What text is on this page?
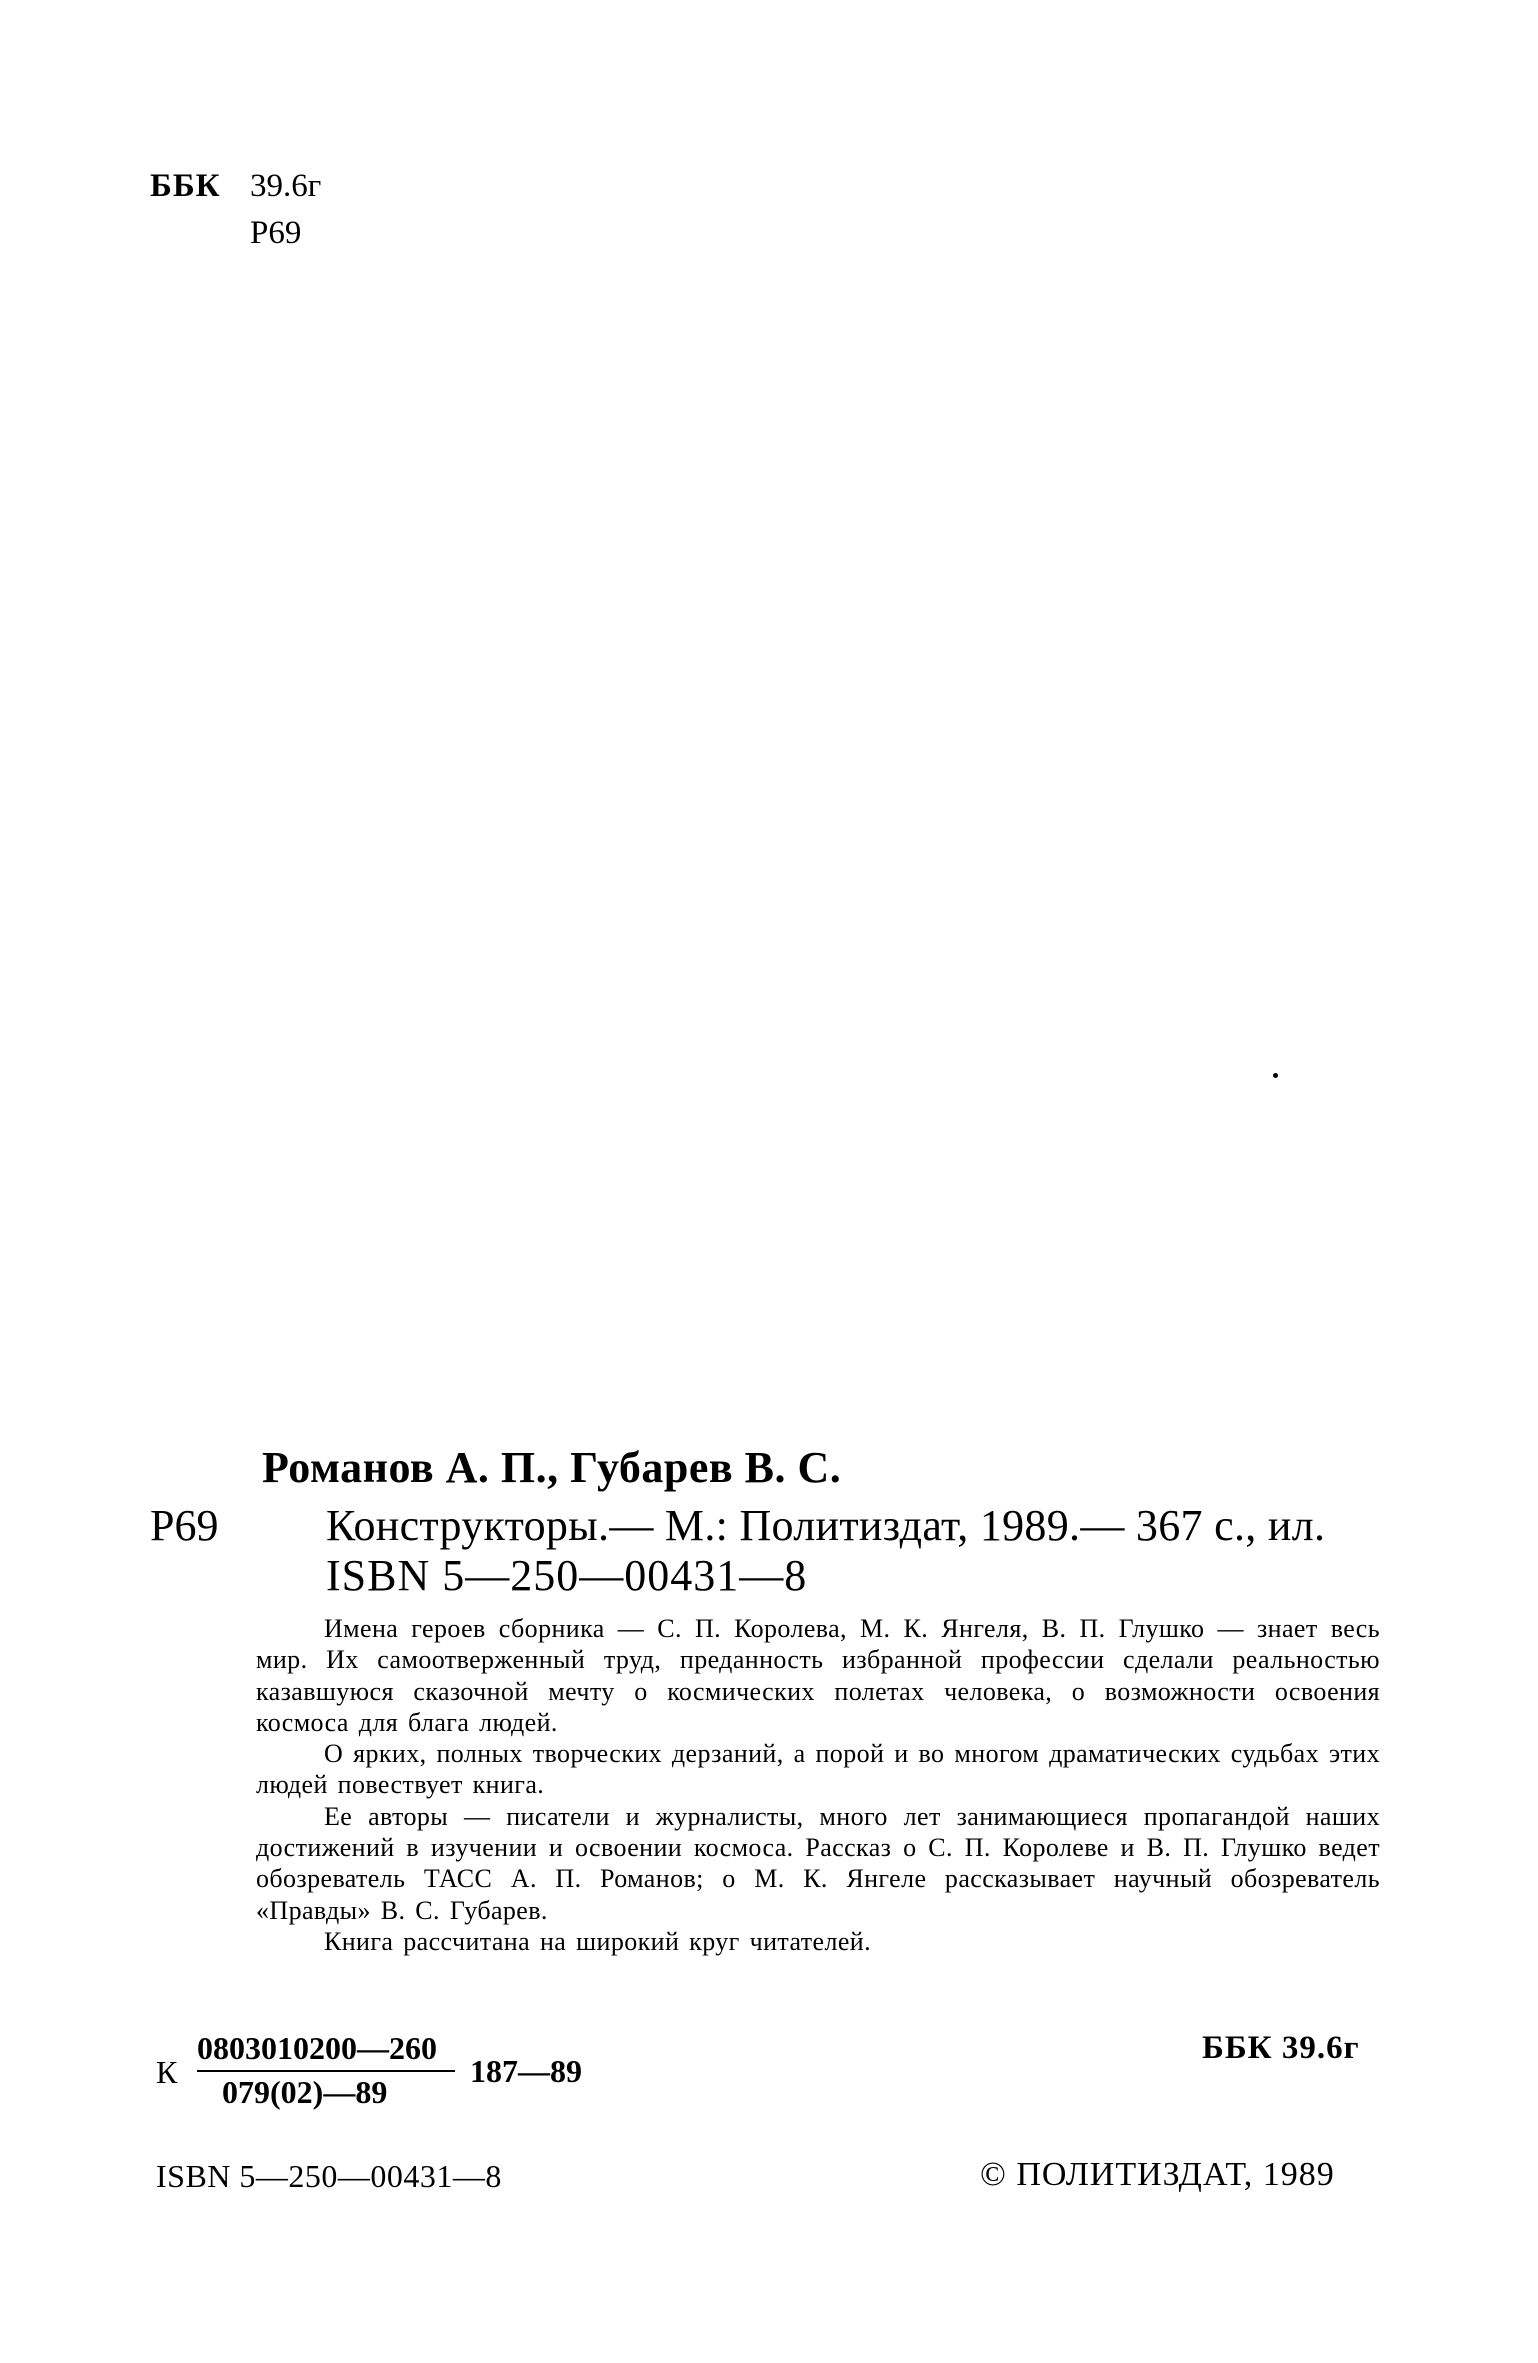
ББК 39.6г
Р69
Романов А. П., Губарев В. С.
Р69 Конструкторы.— М.: Политиздат, 1989.— 367 с., ил.
ISBN 5—250—00431—8

Имена героев сборника — С. П. Королева, М. К. Янгеля, В. П. Глушко — знает весь мир. Их самоотверженный труд, преданность избранной профессии сделали реальностью казавшуюся сказочной мечту о космических полетах человека, о возможности освоения космоса для блага людей.

О ярких, полных творческих дерзаний, а порой и во многом драматических судьбах этих людей повествует книга.

Ее авторы — писатели и журналисты, много лет занимающиеся пропагандой наших достижений в изучении и освоении космоса. Рассказ о С. П. Королеве и В. П. Глушко ведет обозреватель ТАСС А. П. Романов; о М. К. Янгеле рассказывает научный обозреватель «Правды» В. С. Губарев.

Книга рассчитана на широкий круг читателей.

К
0803010200—260
079(02)—89
187—89
ББК 39.6г
ISBN 5—250—00431—8	© ПОЛИТИЗДАТ, 1989
